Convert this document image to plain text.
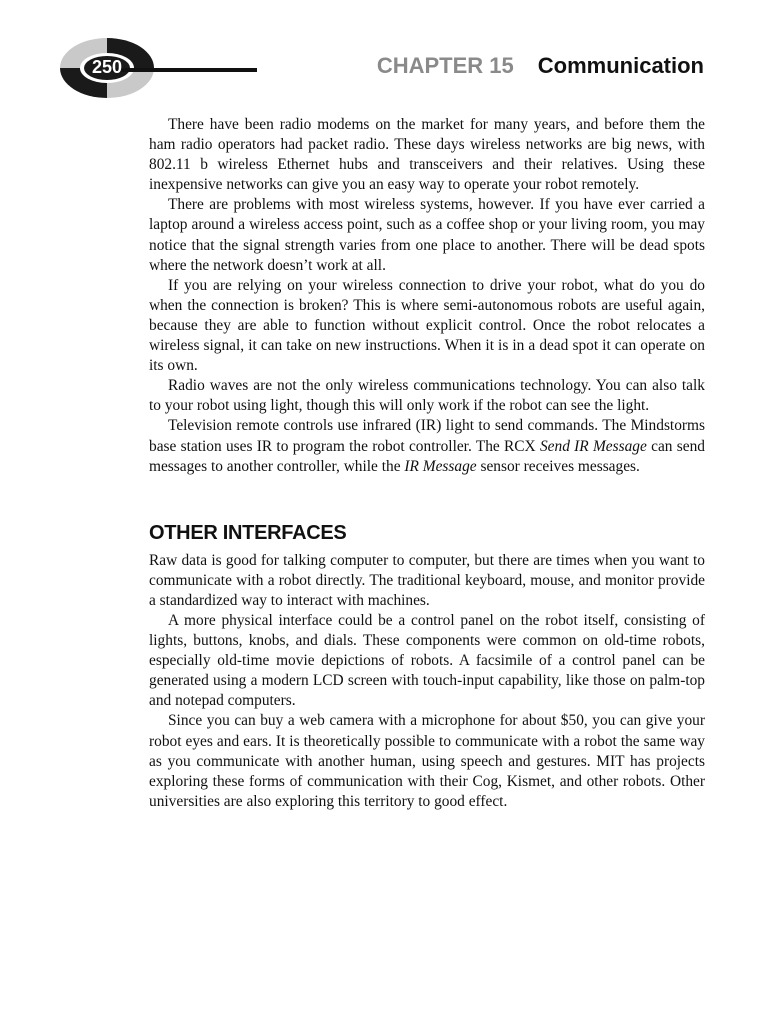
250	CHAPTER 15 Communication

There have been radio modems on the market for many years, and before them the ham radio operators had packet radio. These days wireless networks are big news, with 802.11 b wireless Ethernet hubs and transceivers and their relatives. Using these inexpensive networks can give you an easy way to operate your robot remotely.

There are problems with most wireless systems, however. If you have ever carried a laptop around a wireless access point, such as a coffee shop or your living room, you may notice that the signal strength varies from one place to another. There will be dead spots where the network doesn’t work at all.

If you are relying on your wireless connection to drive your robot, what do you do when the connection is broken? This is where semi-autonomous robots are useful again, because they are able to function without explicit control. Once the robot relocates a wireless signal, it can take on new instructions. When it is in a dead spot it can operate on its own.

Radio waves are not the only wireless communications technology. You can also talk to your robot using light, though this will only work if the robot can see the light.

Television remote controls use infrared (IR) light to send commands. The Mindstorms base station uses IR to program the robot controller. The RCX Send IR Message can send messages to another controller, while the IR Message sensor receives messages.

OTHER INTERFACES

Raw data is good for talking computer to computer, but there are times when you want to communicate with a robot directly. The traditional keyboard, mouse, and monitor provide a standardized way to interact with machines.

A more physical interface could be a control panel on the robot itself, consisting of lights, buttons, knobs, and dials. These components were common on old-time robots, especially old-time movie depictions of robots. A facsimile of a control panel can be generated using a modern LCD screen with touch-input capability, like those on palm-top and notepad computers.

Since you can buy a web camera with a microphone for about $50, you can give your robot eyes and ears. It is theoretically possible to communicate with a robot the same way as you communicate with another human, using speech and gestures. MIT has projects exploring these forms of communication with their Cog, Kismet, and other robots. Other universities are also exploring this territory to good effect.
